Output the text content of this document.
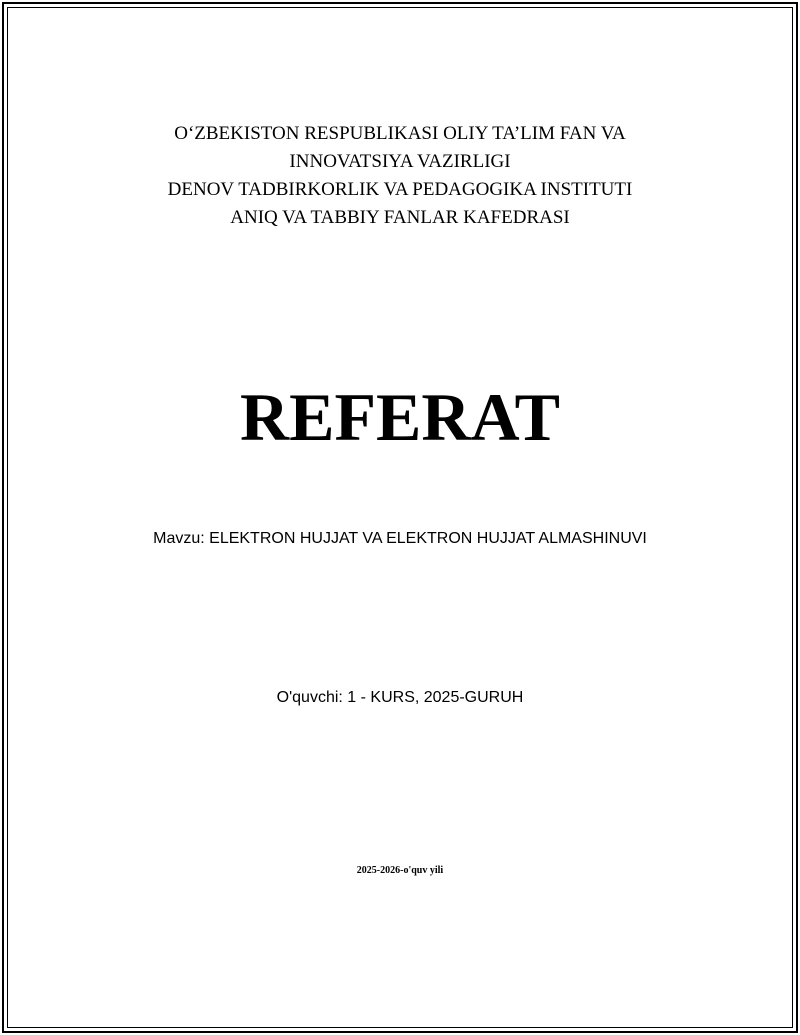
O‘ZBEKISTON RESPUBLIKASI OLIY TA’LIM FAN VA
INNOVATSIYA VAZIRLIGI
DENOV TADBIRKORLIK VA PEDAGOGIKA INSTITUTI
ANIQ VA TABBIY FANLAR KAFEDRASI
REFERAT
Mavzu: ELEKTRON HUJJAT VA ELEKTRON HUJJAT ALMASHINUVI
O'quvchi: 1 - KURS, 2025-GURUH
2025-2026-o'quv yili
